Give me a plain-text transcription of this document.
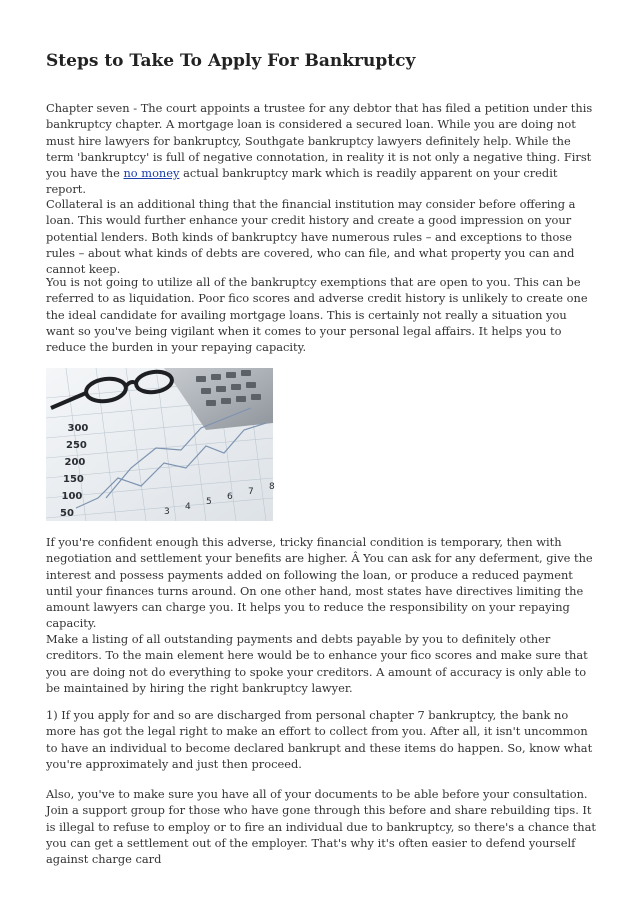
Steps to Take To Apply For Bankruptcy

Chapter seven - The court appoints a trustee for any debtor that has filed a petition under this bankruptcy chapter. A mortgage loan is considered a secured loan. While you are doing not must hire lawyers for bankruptcy, Southgate bankruptcy lawyers definitely help. While the term 'bankruptcy' is full of negative connotation, in reality it is not only a negative thing. First you have the no money actual bankruptcy mark which is readily apparent on your credit report.

Collateral is an additional thing that the financial institution may consider before offering a loan. This would further enhance your credit history and create a good impression on your potential lenders. Both kinds of bankruptcy have numerous rules – and exceptions to those rules – about what kinds of debts are covered, who can file, and what property you can and cannot keep.

You is not going to utilize all of the bankruptcy exemptions that are open to you. This can be referred to as liquidation. Poor fico scores and adverse credit history is unlikely to create one the ideal candidate for availing mortgage loans. This is certainly not really a situation you want so you've being vigilant when it comes to your personal legal affairs. It helps you to reduce the burden in your repaying capacity.

50
100
150
200
250
300
3 4 5 6 7 8

If you're confident enough this adverse, tricky financial condition is temporary, then with negotiation and settlement your benefits are higher. Â You can ask for any deferment, give the interest and possess payments added on following the loan, or produce a reduced payment until your finances turns around. On one other hand, most states have directives limiting the amount lawyers can charge you. It helps you to reduce the responsibility on your repaying capacity.

Make a listing of all outstanding payments and debts payable by you to definitely other creditors. To the main element here would be to enhance your fico scores and make sure that you are doing not do everything to spoke your creditors. A amount of accuracy is only able to be maintained by hiring the right bankruptcy lawyer.

1) If you apply for and so are discharged from personal chapter 7 bankruptcy, the bank no more has got the legal right to make an effort to collect from you. After all, it isn't uncommon to have an individual to become declared bankrupt and these items do happen. So, know what you're approximately and just then proceed.

Also, you've to make sure you have all of your documents to be able before your consultation. Join a support group for those who have gone through this before and share rebuilding tips. It is illegal to refuse to employ or to fire an individual due to bankruptcy, so there's a chance that you can get a settlement out of the employer. That's why it's often easier to defend yourself against charge card
